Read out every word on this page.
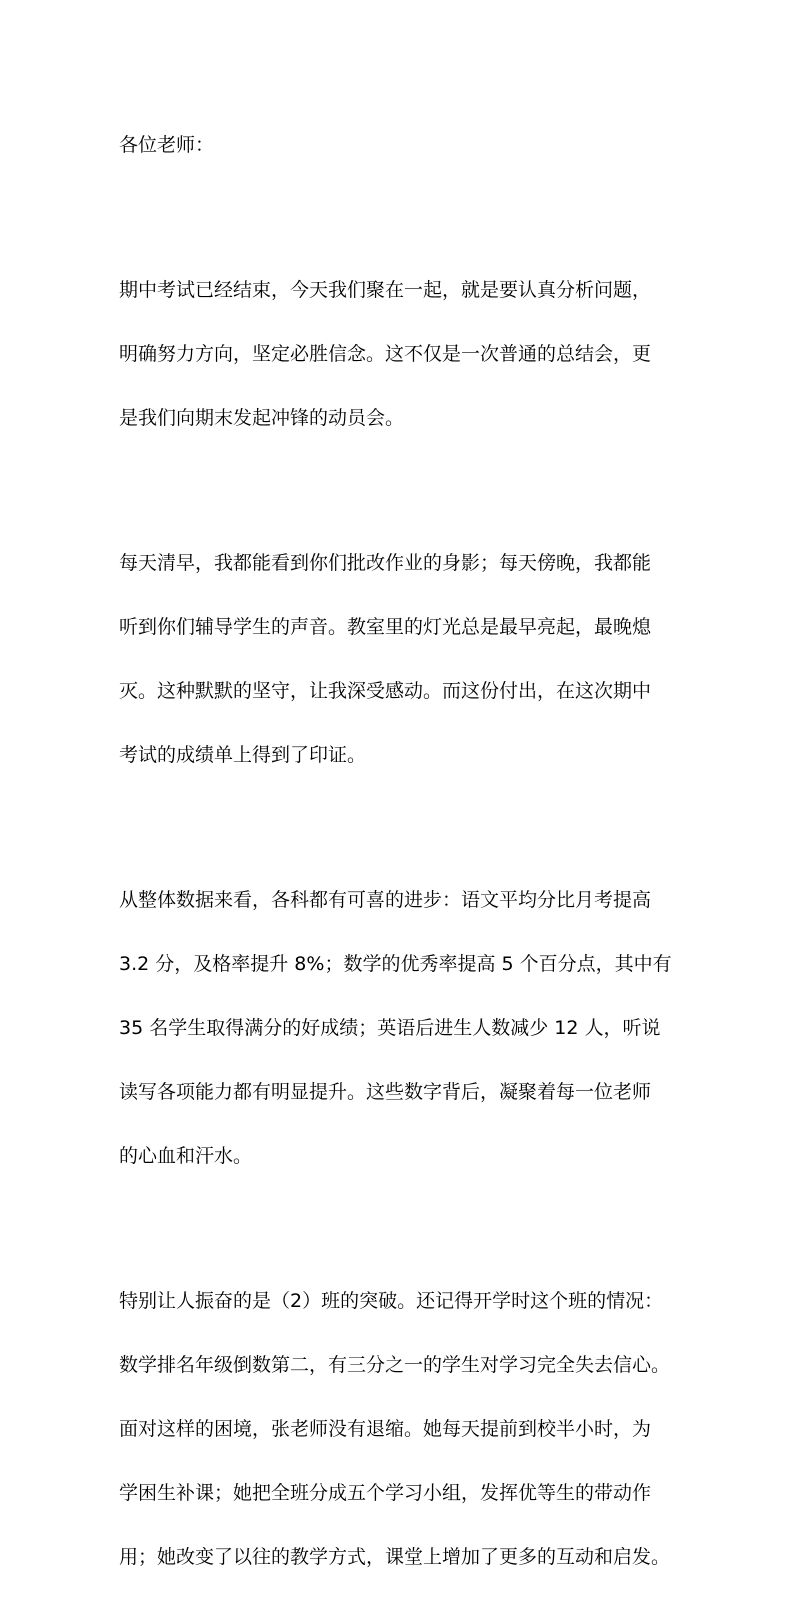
各位老师：

期中考试已经结束，今天我们聚在一起，就是要认真分析问题，

明确努力方向，坚定必胜信念。这不仅是一次普通的总结会，更

是我们向期末发起冲锋的动员会。

每天清早，我都能看到你们批改作业的身影；每天傍晚，我都能

听到你们辅导学生的声音。教室里的灯光总是最早亮起，最晚熄

灭。这种默默的坚守，让我深受感动。而这份付出，在这次期中

考试的成绩单上得到了印证。

从整体数据来看，各科都有可喜的进步：语文平均分比月考提高

3.2 分，及格率提升 8%；数学的优秀率提高 5 个百分点，其中有

35 名学生取得满分的好成绩；英语后进生人数减少 12 人，听说

读写各项能力都有明显提升。这些数字背后，凝聚着每一位老师

的心血和汗水。

特别让人振奋的是（2）班的突破。还记得开学时这个班的情况：

数学排名年级倒数第二，有三分之一的学生对学习完全失去信心。

面对这样的困境，张老师没有退缩。她每天提前到校半小时，为

学困生补课；她把全班分成五个学习小组，发挥优等生的带动作

用；她改变了以往的教学方式，课堂上增加了更多的互动和启发。
